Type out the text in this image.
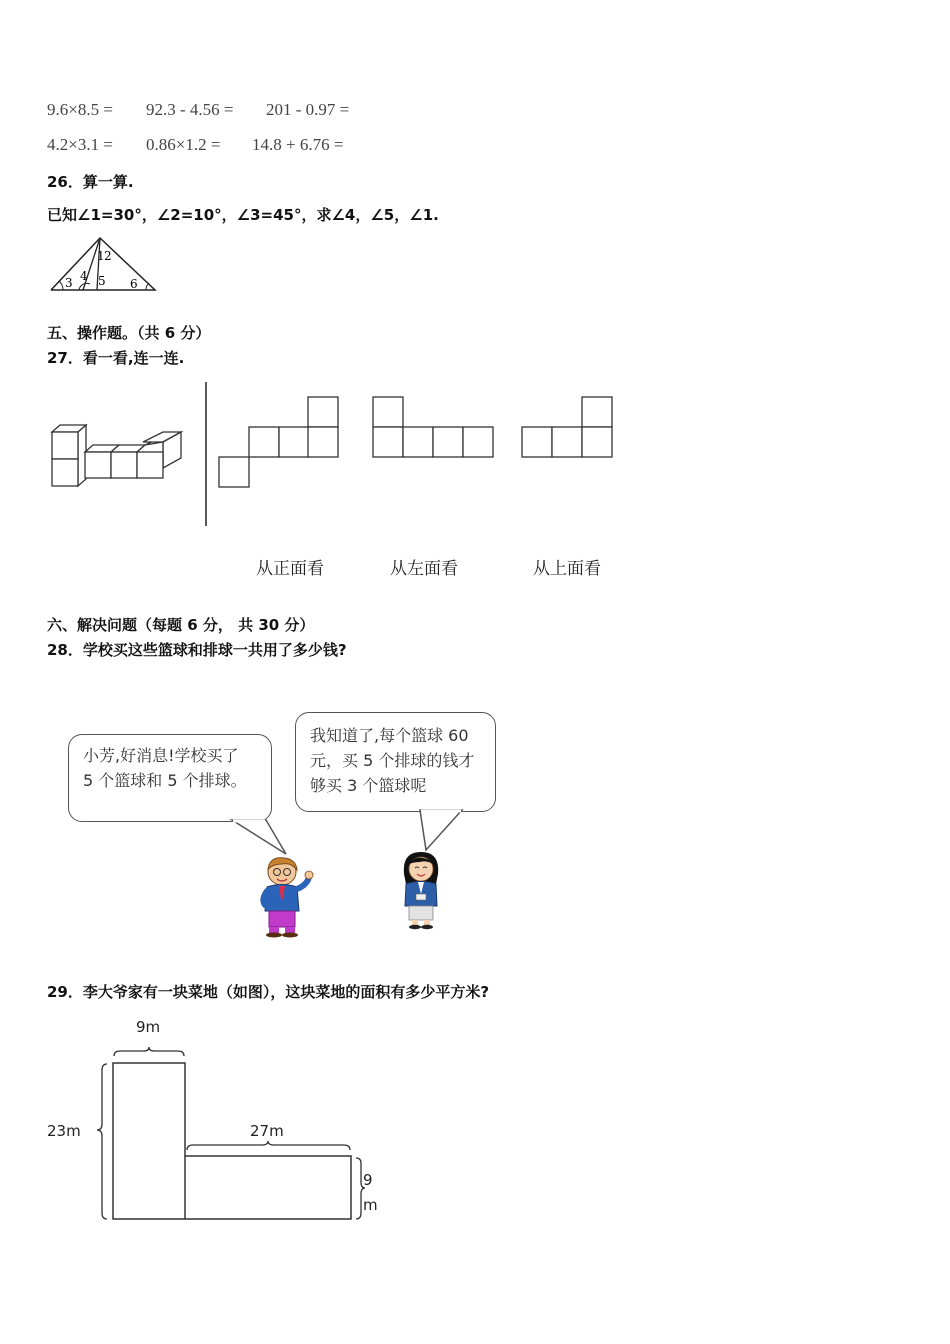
9.6×8.5 = 92.3 - 4.56 = 201 - 0.97 =
4.2×3.1 = 0.86×1.2 = 14.8 + 6.76 =
26．算一算.
已知∠1=30°，∠2=10°，∠3=45°，求∠4，∠5，∠1.
1 2
3 4 5 6
五、操作题。（共 6 分）
27．看一看,连一连.
从正面看	从左面看	从上面看
六、解决问题（每题 6 分， 共 30 分）
28．学校买这些篮球和排球一共用了多少钱?
小芳,好消息!学校买了
5 个篮球和 5 个排球。
我知道了,每个篮球 60
元，买 5 个排球的钱才
够买 3 个篮球呢
29．李大爷家有一块菜地（如图），这块菜地的面积有多少平方米?
9m
23m	27m
9
m
